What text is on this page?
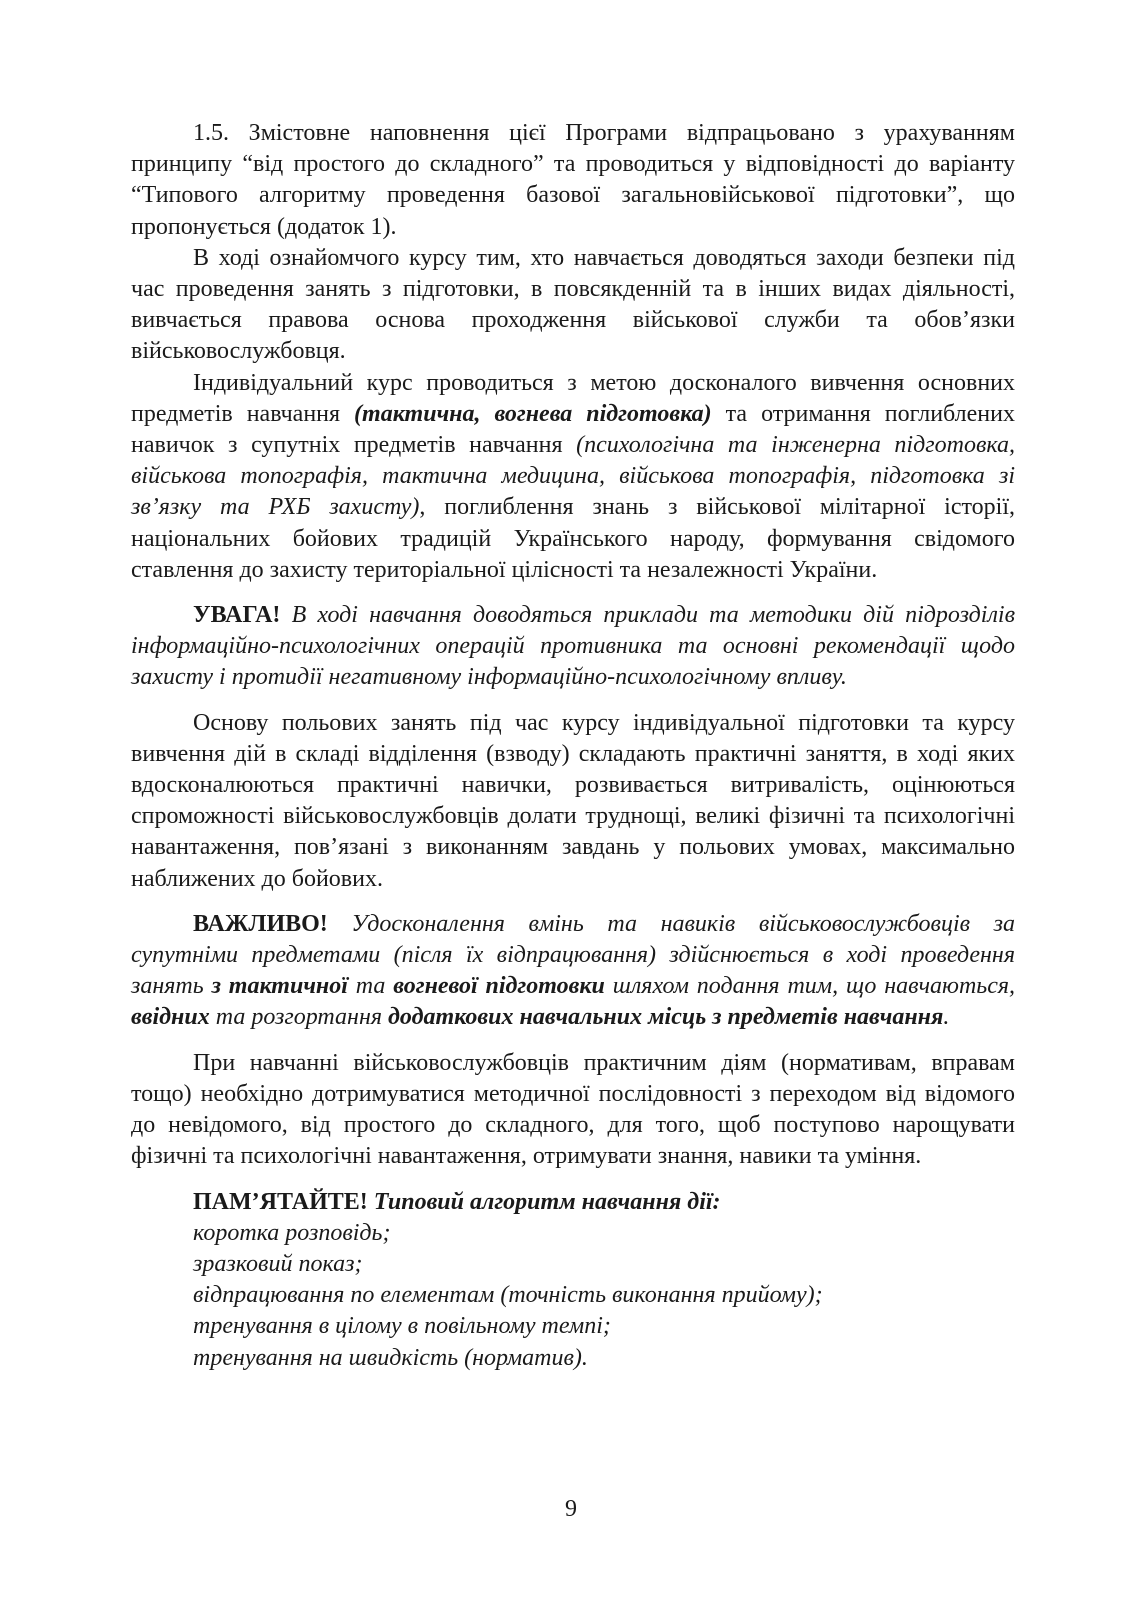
1.5. Змістовне наповнення цієї Програми відпрацьовано з урахуванням принципу “від простого до складного” та проводиться у відповідності до варіанту “Типового алгоритму проведення базової загальновійськової підготовки”, що пропонується (додаток 1).

В ході ознайомчого курсу тим, хто навчається доводяться заходи безпеки під час проведення занять з підготовки, в повсякденній та в інших видах діяльності, вивчається правова основа проходження військової служби та обов’язки військовослужбовця.

Індивідуальний курс проводиться з метою досконалого вивчення основних предметів навчання (тактична, вогнева підготовка) та отримання поглиблених навичок з супутніх предметів навчання (психологічна та інженерна підготовка, військова топографія, тактична медицина, військова топографія, підготовка зі зв’язку та РХБ захисту), поглиблення знань з військової мілітарної історії, національних бойових традицій Українського народу, формування свідомого ставлення до захисту територіальної цілісності та незалежності України.

УВАГА! В ході навчання доводяться приклади та методики дій підрозділів інформаційно-психологічних операцій противника та основні рекомендації щодо захисту і протидії негативному інформаційно-психологічному впливу.

Основу польових занять під час курсу індивідуальної підготовки та курсу вивчення дій в складі відділення (взводу) складають практичні заняття, в ході яких вдосконалюються практичні навички, розвивається витривалість, оцінюються спроможності військовослужбовців долати труднощі, великі фізичні та психологічні навантаження, пов’язані з виконанням завдань у польових умовах, максимально наближених до бойових.

ВАЖЛИВО! Удосконалення вмінь та навиків військовослужбовців за супутніми предметами (після їх відпрацювання) здійснюється в ході проведення занять з тактичної та вогневої підготовки шляхом подання тим, що навчаються, ввідних та розгортання додаткових навчальних місць з предметів навчання.

При навчанні військовослужбовців практичним діям (нормативам, вправам тощо) необхідно дотримуватися методичної послідовності з переходом від відомого до невідомого, від простого до складного, для того, щоб поступово нарощувати фізичні та психологічні навантаження, отримувати знання, навики та уміння.

ПАМ’ЯТАЙТЕ! Типовий алгоритм навчання дії:

коротка розповідь;
зразковий показ;
відпрацювання по елементам (точність виконання прийому);
тренування в цілому в повільному темпі;
тренування на швидкість (норматив).
9
